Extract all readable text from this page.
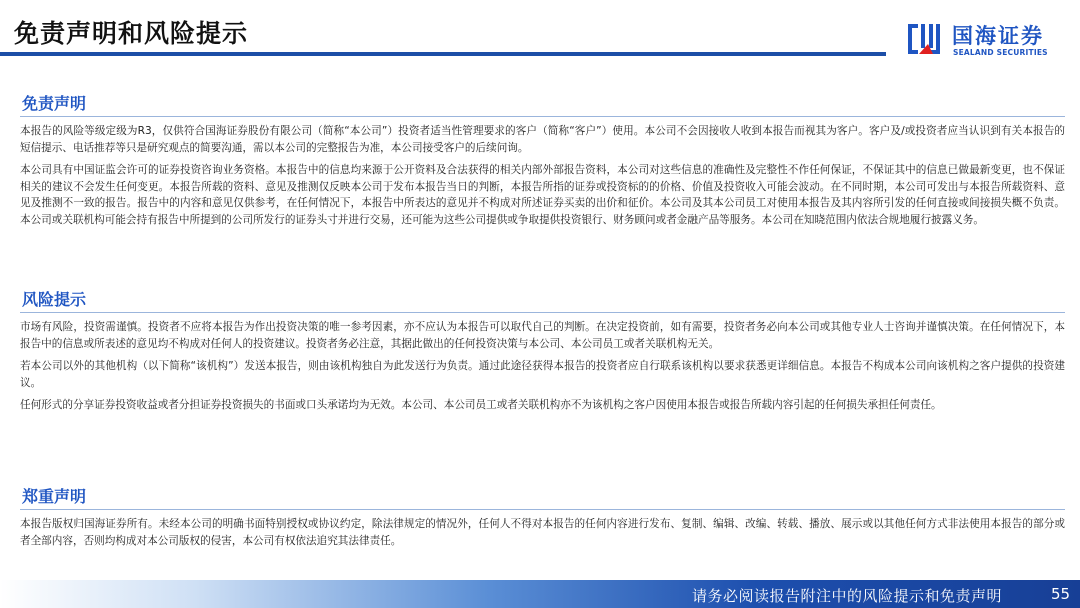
免责声明和风险提示	国海证券
SEALAND SECURITIES
免责声明

本报告的风险等级定级为R3，仅供符合国海证券股份有限公司（简称“本公司”）投资者适当性管理要求的客户（简称“客户”）使用。本公司不会因接收人收到本报告而视其为客户。客户及/或投资者应当认识到有关本报告的短信提示、电话推荐等只是研究观点的简要沟通，需以本公司的完整报告为准，本公司接受客户的后续问询。

本公司具有中国证监会许可的证券投资咨询业务资格。本报告中的信息均来源于公开资料及合法获得的相关内部外部报告资料，本公司对这些信息的准确性及完整性不作任何保证，不保证其中的信息已做最新变更，也不保证相关的建议不会发生任何变更。本报告所载的资料、意见及推测仅反映本公司于发布本报告当日的判断，本报告所指的证券或投资标的的价格、价值及投资收入可能会波动。在不同时期，本公司可发出与本报告所载资料、意见及推测不一致的报告。报告中的内容和意见仅供参考，在任何情况下，本报告中所表达的意见并不构成对所述证券买卖的出价和征价。本公司及其本公司员工对使用本报告及其内容所引发的任何直接或间接损失概不负责。本公司或关联机构可能会持有报告中所提到的公司所发行的证券头寸并进行交易，还可能为这些公司提供或争取提供投资银行、财务顾问或者金融产品等服务。本公司在知晓范围内依法合规地履行披露义务。

风险提示

市场有风险，投资需谨慎。投资者不应将本报告为作出投资决策的唯一参考因素，亦不应认为本报告可以取代自己的判断。在决定投资前，如有需要，投资者务必向本公司或其他专业人士咨询并谨慎决策。在任何情况下，本报告中的信息或所表述的意见均不构成对任何人的投资建议。投资者务必注意，其据此做出的任何投资决策与本公司、本公司员工或者关联机构无关。

若本公司以外的其他机构（以下简称“该机构”）发送本报告，则由该机构独自为此发送行为负责。通过此途径获得本报告的投资者应自行联系该机构以要求获悉更详细信息。本报告不构成本公司向该机构之客户提供的投资建议。

任何形式的分享证券投资收益或者分担证券投资损失的书面或口头承诺均为无效。本公司、本公司员工或者关联机构亦不为该机构之客户因使用本报告或报告所载内容引起的任何损失承担任何责任。

郑重声明

本报告版权归国海证券所有。未经本公司的明确书面特别授权或协议约定，除法律规定的情况外，任何人不得对本报告的任何内容进行发布、复制、编辑、改编、转载、播放、展示或以其他任何方式非法使用本报告的部分或者全部内容，否则均构成对本公司版权的侵害，本公司有权依法追究其法律责任。

请务必阅读报告附注中的风险提示和免责声明	55
